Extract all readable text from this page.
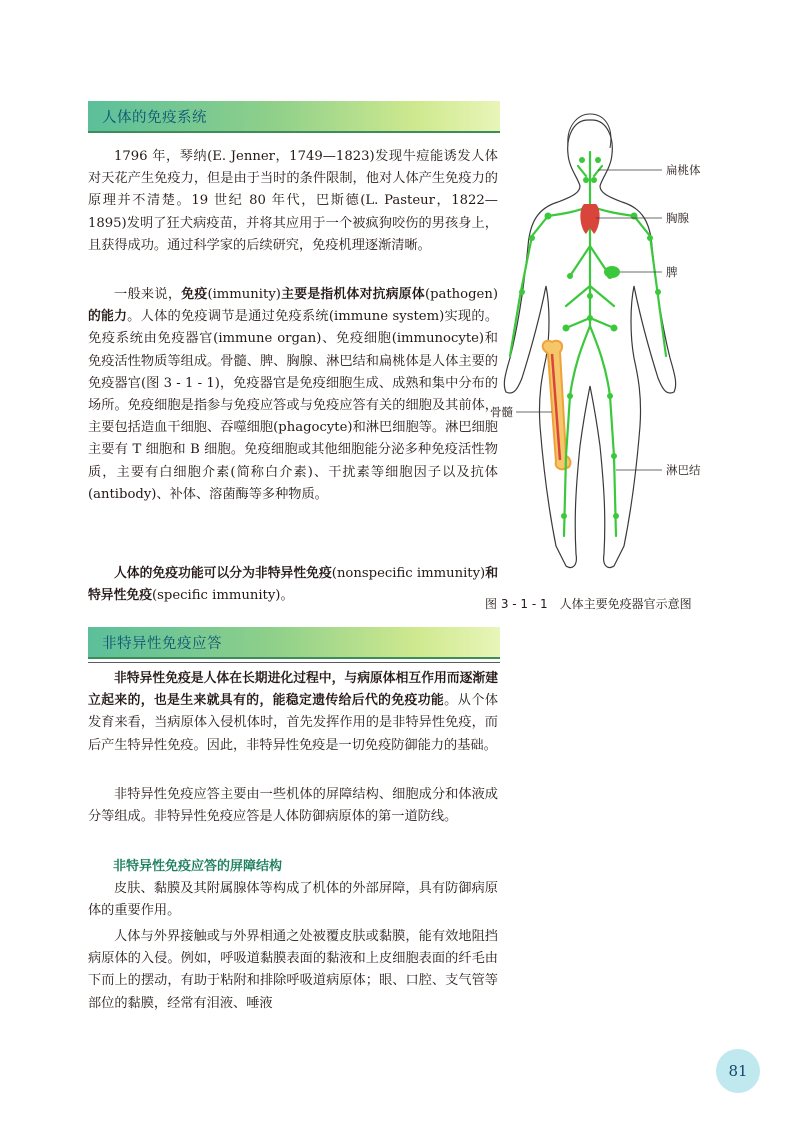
人体的免疫系统

1796 年，琴纳(E. Jenner，1749—1823)发现牛痘能诱发人体对天花产生免疫力，但是由于当时的条件限制，他对人体产生免疫力的原理并不清楚。19 世纪 80 年代，巴斯德(L. Pasteur，1822—1895)发明了狂犬病疫苗，并将其应用于一个被疯狗咬伤的男孩身上，且获得成功。通过科学家的后续研究，免疫机理逐渐清晰。

一般来说，免疫(immunity)主要是指机体对抗病原体(pathogen)的能力。人体的免疫调节是通过免疫系统(immune system)实现的。免疫系统由免疫器官(immune organ)、免疫细胞(immunocyte)和免疫活性物质等组成。骨髓、脾、胸腺、淋巴结和扁桃体是人体主要的免疫器官(图 3 - 1 - 1)，免疫器官是免疫细胞生成、成熟和集中分布的场所。免疫细胞是指参与免疫应答或与免疫应答有关的细胞及其前体，主要包括造血干细胞、吞噬细胞(phagocyte)和淋巴细胞等。淋巴细胞主要有 T 细胞和 B 细胞。免疫细胞或其他细胞能分泌多种免疫活性物质，主要有白细胞介素(简称白介素)、干扰素等细胞因子以及抗体(antibody)、补体、溶菌酶等多种物质。

人体的免疫功能可以分为非特异性免疫(nonspecific immunity)和特异性免疫(specific immunity)。

扁桃体
胸腺
脾
骨髓
淋巴结
图 3 - 1 - 1　人体主要免疫器官示意图
非特异性免疫应答

非特异性免疫是人体在长期进化过程中，与病原体相互作用而逐渐建立起来的，也是生来就具有的，能稳定遗传给后代的免疫功能。从个体发育来看，当病原体入侵机体时，首先发挥作用的是非特异性免疫，而后产生特异性免疫。因此，非特异性免疫是一切免疫防御能力的基础。

非特异性免疫应答主要由一些机体的屏障结构、细胞成分和体液成分等组成。非特异性免疫应答是人体防御病原体的第一道防线。

非特异性免疫应答的屏障结构

皮肤、黏膜及其附属腺体等构成了机体的外部屏障，具有防御病原体的重要作用。

人体与外界接触或与外界相通之处被覆皮肤或黏膜，能有效地阻挡病原体的入侵。例如，呼吸道黏膜表面的黏液和上皮细胞表面的纤毛由下而上的摆动，有助于粘附和排除呼吸道病原体；眼、口腔、支气管等部位的黏膜，经常有泪液、唾液

81
